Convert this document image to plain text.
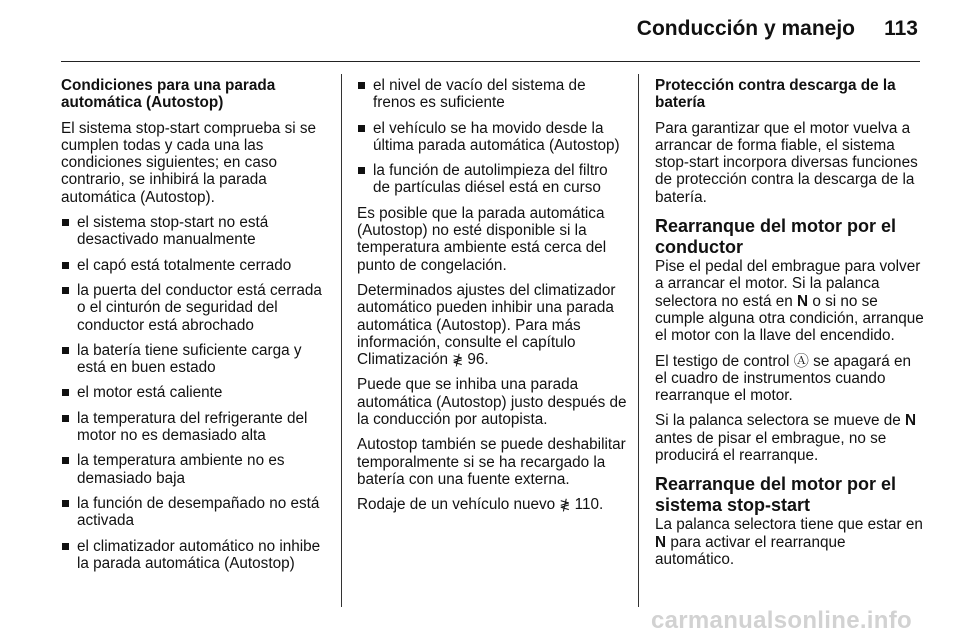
Conducción y manejo 113

Condiciones para una parada automática (Autostop)

El sistema stop-start comprueba si se cumplen todas y cada una las condiciones siguientes; en caso contrario, se inhibirá la parada automática (Autostop).

el sistema stop-start no está desactivado manualmente
el capó está totalmente cerrado
la puerta del conductor está cerrada o el cinturón de seguridad del conductor está abrochado
la batería tiene suficiente carga y está en buen estado
el motor está caliente
la temperatura del refrigerante del motor no es demasiado alta
la temperatura ambiente no es demasiado baja
la función de desempañado no está activada
el climatizador automático no inhibe la parada automática (Autostop)
el nivel de vacío del sistema de frenos es suficiente
el vehículo se ha movido desde la última parada automática (Autostop)
la función de autolimpieza del filtro de partículas diésel está en curso

Es posible que la parada automática (Autostop) no esté disponible si la temperatura ambiente está cerca del punto de congelación.

Determinados ajustes del climatizador automático pueden inhibir una parada automática (Autostop). Para más información, consulte el capítulo Climatización ≹ 96.

Puede que se inhiba una parada automática (Autostop) justo después de la conducción por autopista.

Autostop también se puede deshabilitar temporalmente si se ha recargado la batería con una fuente externa.

Rodaje de un vehículo nuevo ≹ 110.

Protección contra descarga de la batería

Para garantizar que el motor vuelva a arrancar de forma fiable, el sistema stop-start incorpora diversas funciones de protección contra la descarga de la batería.

Rearranque del motor por el conductor

Pise el pedal del embrague para volver a arrancar el motor. Si la palanca selectora no está en N o si no se cumple alguna otra condición, arranque el motor con la llave del encendido.

El testigo de control Ⓐ se apagará en el cuadro de instrumentos cuando rearranque el motor.

Si la palanca selectora se mueve de N antes de pisar el embrague, no se producirá el rearranque.

Rearranque del motor por el sistema stop-start

La palanca selectora tiene que estar en N para activar el rearranque automático.

carmanualsonline.info
